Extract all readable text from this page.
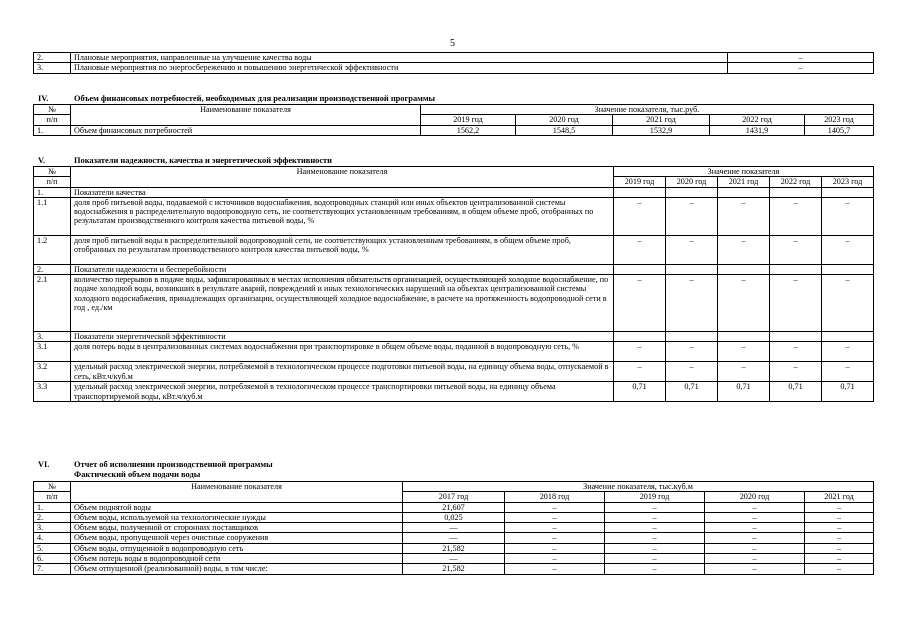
5
2.	Плановые мероприятия, направленные на улучшение качества воды	–
3.	Плановые мероприятия по энергосбережению и повышению энергетической эффективности	–
IV.	Объем финансовых потребностей, необходимых для реализации производственной программы
№	Наименование показателя	Значение показателя, тыс.руб.				
п/п		2019 год	2020 год	2021 год	2022 год	2023 год
1.	Объем финансовых потребностей	1562,2	1548,5	1532,9	1431,9	1405,7
V.	Показатели надежности, качества и энергетической эффективности
№	Наименование показателя	Значение показателя				
п/п		2019 год	2020 год	2021 год	2022 год	2023 год
1.	Показатели качества					
1.1	доля проб питьевой воды, подаваемой с источников водоснабжения, водопроводных станций или иных объектов централизованной системы водоснабжения в распределительную водопроводную сеть, не соответствующих установленным требованиям, в общем объеме проб, отобранных по результатам производственного контроля качества питьевой воды, %	–	–	–	–	–
1.2	доля проб питьевой воды в распределительной водопроводной сети, не соответствующих установленным требованиям, в общем объеме проб, отобранных по результатам производственного контроля качества питьевой воды, %	–	–	–	–	–
2.	Показатели надежности и бесперебойности					
2.1	количество перерывов в подаче воды, зафиксированных в местах исполнения обязательств организацией, осуществляющей холодное водоснабжение, по подаче холодной воды, возникших в результате аварий, повреждений и иных технологических нарушений на объектах централизованной системы холодного водоснабжения, принадлежащих организации, осуществляющей холодное водоснабжение, в расчете на протяженность водопроводной сети в год , ед./км	–	–	–	–	–
3.	Показатели энергетической эффективности					
3.1	доля потерь воды в централизованных системах водоснабжения при транспортировке в общем объеме воды, поданной в водопроводную сеть, %	–	–	–	–	–
3.2	удельный расход электрической энергии, потребляемой в технологическом процессе подготовки питьевой воды, на единицу объема воды, отпускаемой в сеть, кВт.ч/куб.м	–	–	–	–	–
3.3	удельный расход электрической энергии, потребляемой в технологическом процессе транспортировки питьевой воды, на единицу объема транспортируемой воды, кВт.ч/куб.м	0,71	0,71	0,71	0,71	0,71
VI.	Отчет об исполнении производственной программы
Фактический объем подачи воды
№	Наименование показателя	Значение показателя, тыс.куб.м				
п/п		2017 год	2018 год	2019 год	2020 год	2021 год
1.	Объем поднятой воды	21,607	–	–	–	–
2.	Объем воды, используемой на технологические нужды	0,025	–	–	–	–
3.	Объем воды, полученной от сторонних поставщиков	—	–	–	–	–
4.	Объем воды, пропущенной через очистные сооружения	—	–	–	–	–
5.	Объем воды, отпущенной в водопроводную сеть	21,582	–	–	–	–
6.	Объем потерь воды в водопроводной сети	—	–	–	–	–
7.	Объем отпущенной (реализованной) воды, в том числе:	21,582	–	–	–	–
